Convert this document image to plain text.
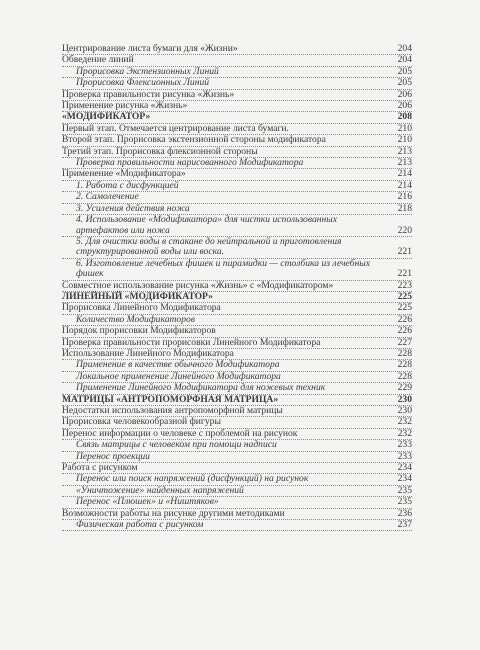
Центрирование листа бумаги для «Жизни»	204
Обведение линий	204
Прорисовка Экстензионных Линий	205
Прорисовка Флексионных Линий	205
Проверка правильности рисунка «Жизнь»	206
Применение рисунка «Жизнь»	206
«МОДИФИКАТОР»	208
Первый этап. Отмечается центрирование листа бумаги.	210
Второй этап. Прорисовка экстензионной стороны модификатора	210
Третий этап. Прорисовка флексионной стороны	213
Проверка правильности нарисованного Модификатора	213
Применение «Модификатора»	214
1. Работа с дисфункцией	214
2. Самолечение	216
3. Усиления действия ножа	218
4. Использование «Модификатора» для чистки использованных артефактов или ножа	220
5. Для очистки воды в стакане до нейтральной и приготовления структурированной воды или воска.	221
6. Изготовление лечебных фишек и пирамидки — столбика из лечебных фишек	221
Совместное использование рисунка «Жизнь» с «Модификатором»	223
ЛИНЕЙНЫЙ «МОДИФИКАТОР»	225
Прорисовка Линейного Модификатора	225
Количество Модификаторов	226
Порядок прорисовки Модификаторов	226
Проверка правильности прорисовки Линейного Модификатора	227
Использование Линейного Модификатора	228
Применение в качестве обычного Модификатора	228
Локальное применение Линейного Модификатора	228
Применение Линейного Модификатора для ножевых техник	229
МАТРИЦЫ «АНТРОПОМОРФНАЯ МАТРИЦА»	230
Недостатки использования антропоморфной матрицы	230
Прорисовка человекообразной фигуры	232
Перенос информации о человеке с проблемой на рисунок	232
Связь матрицы с человеком при помощи надписи	233
Перенос проекции	233
Работа с рисунком	234
Перенос или поиск напряжений (дисфункций) на рисунок	234
«Уничтожение» найденных напряжений	235
Перенос «Плюшек» и «Ништяков»	235
Возможности работы на рисунке другими методиками	236
Физическая работа с рисунком	237
